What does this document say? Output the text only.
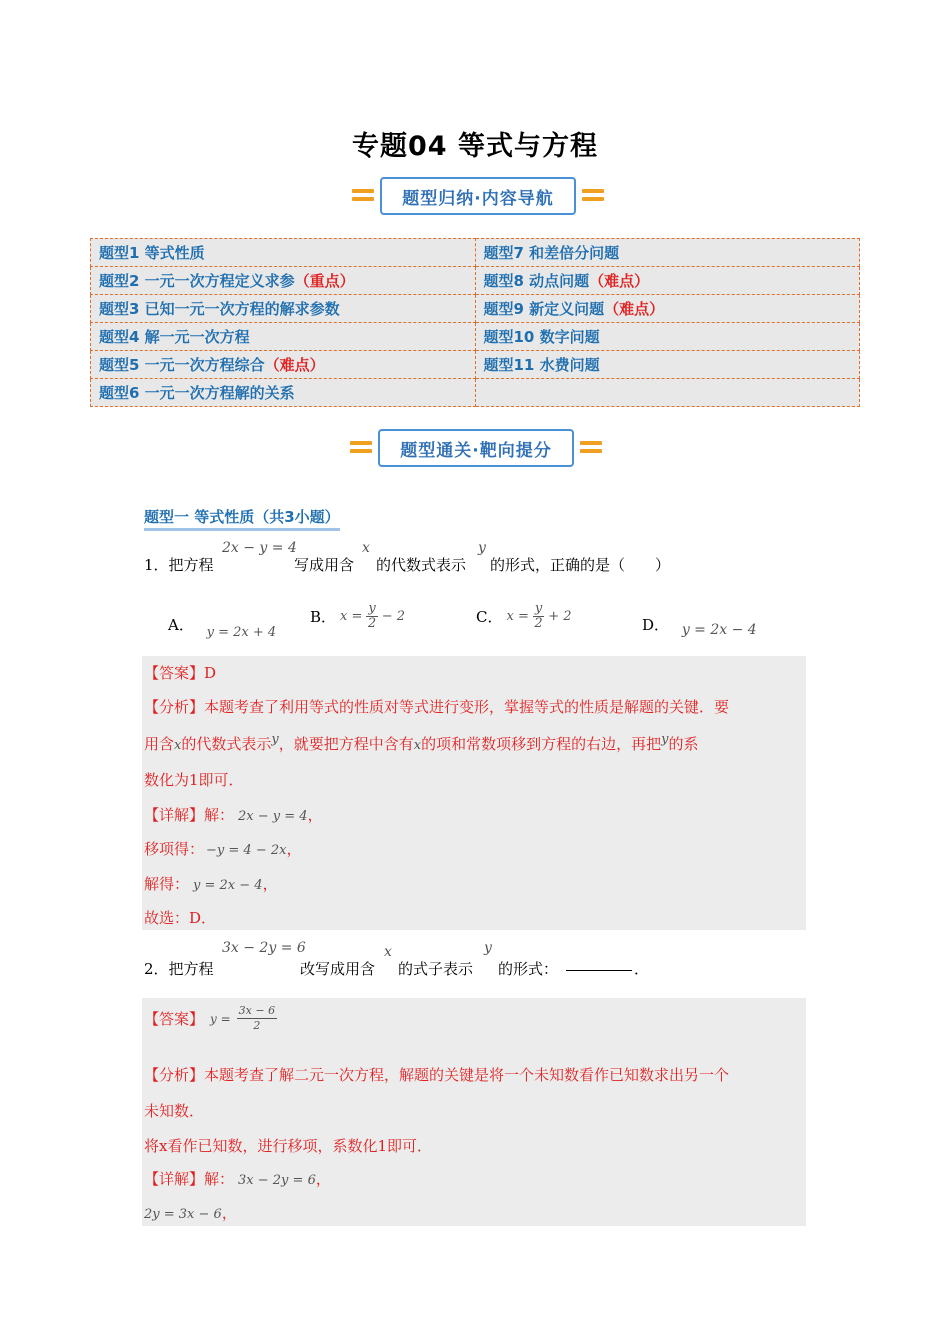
专题04 等式与方程
题型归纳·内容导航
题型1 等式性质	题型7 和差倍分问题
题型2 一元一次方程定义求参（重点）	题型8 动点问题（难点）
题型3 已知一元一次方程的解求参数	题型9 新定义问题（难点）
题型4 解一元一次方程	题型10 数字问题
题型5 一元一次方程综合（难点）	题型11 水费问题
题型6 一元一次方程解的关系	
题型通关·靶向提分
题型一 等式性质（共3小题）
1．把方程
2x − y = 4
写成用含
x
的代数式表示
y
的形式，正确的是（　　）
A． y = 2x + 4
B． $x = \frac{y}{2} - 2$	C． $x = \frac{y}{2} + 2$	D． y = 2x − 4
【答案】D
【分析】本题考查了利用等式的性质对等式进行变形，掌握等式的性质是解题的关键．要
用含x的代数式表示y，就要把方程中含有x的项和常数项移到方程的右边，再把y的系
数化为1即可．
【详解】解： 2x − y = 4，
移项得： −y = 4 − 2x，
解得： y = 2x − 4，
故选：D．
2．把方程
3x − 2y = 6
改写成用含
x
的式子表示
y
的形式：	．
【答案】 $y = \frac{3x - 6}{2}$
【分析】本题考查了解二元一次方程，解题的关键是将一个未知数看作已知数求出另一个
未知数．
将x看作已知数，进行移项，系数化1即可．
【详解】解： 3x − 2y = 6，
2y = 3x − 6，
